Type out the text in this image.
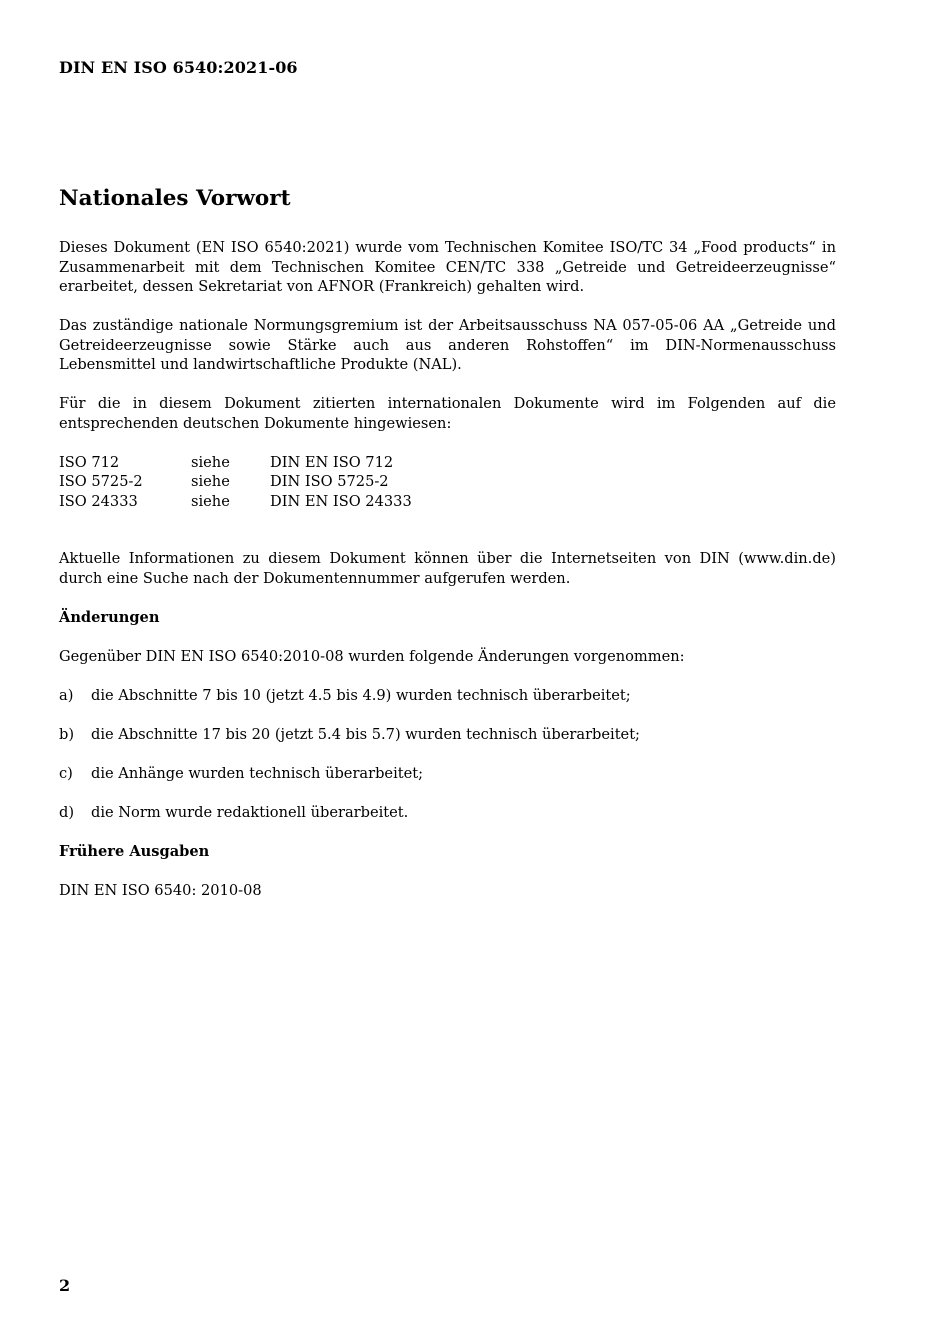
DIN EN ISO 6540:2021-06
Nationales Vorwort

Dieses Dokument (EN ISO 6540:2021) wurde vom Technischen Komitee ISO/TC 34 „Food products“ in Zusammenarbeit mit dem Technischen Komitee CEN/TC 338 „Getreide und Getreideerzeugnisse“ erarbeitet, dessen Sekretariat von AFNOR (Frankreich) gehalten wird.

Das zuständige nationale Normungsgremium ist der Arbeitsausschuss NA 057-05-06 AA „Getreide und Getreideerzeugnisse sowie Stärke auch aus anderen Rohstoffen“ im DIN-Normenausschuss Lebensmittel und landwirtschaftliche Produkte (NAL).

Für die in diesem Dokument zitierten internationalen Dokumente wird im Folgenden auf die entsprechenden deutschen Dokumente hingewiesen:

ISO 712	siehe	DIN EN ISO 712
ISO 5725-2	siehe	DIN ISO 5725-2
ISO 24333	siehe	DIN EN ISO 24333

Aktuelle Informationen zu diesem Dokument können über die Internetseiten von DIN (www.din.de) durch eine Suche nach der Dokumentennummer aufgerufen werden.

Änderungen

Gegenüber DIN EN ISO 6540:2010-08 wurden folgende Änderungen vorgenommen:

a)	die Abschnitte 7 bis 10 (jetzt 4.5 bis 4.9) wurden technisch überarbeitet;
b)	die Abschnitte 17 bis 20 (jetzt 5.4 bis 5.7) wurden technisch überarbeitet;
c)	die Anhänge wurden technisch überarbeitet;
d)	die Norm wurde redaktionell überarbeitet.
Frühere Ausgaben

DIN EN ISO 6540: 2010-08

2
